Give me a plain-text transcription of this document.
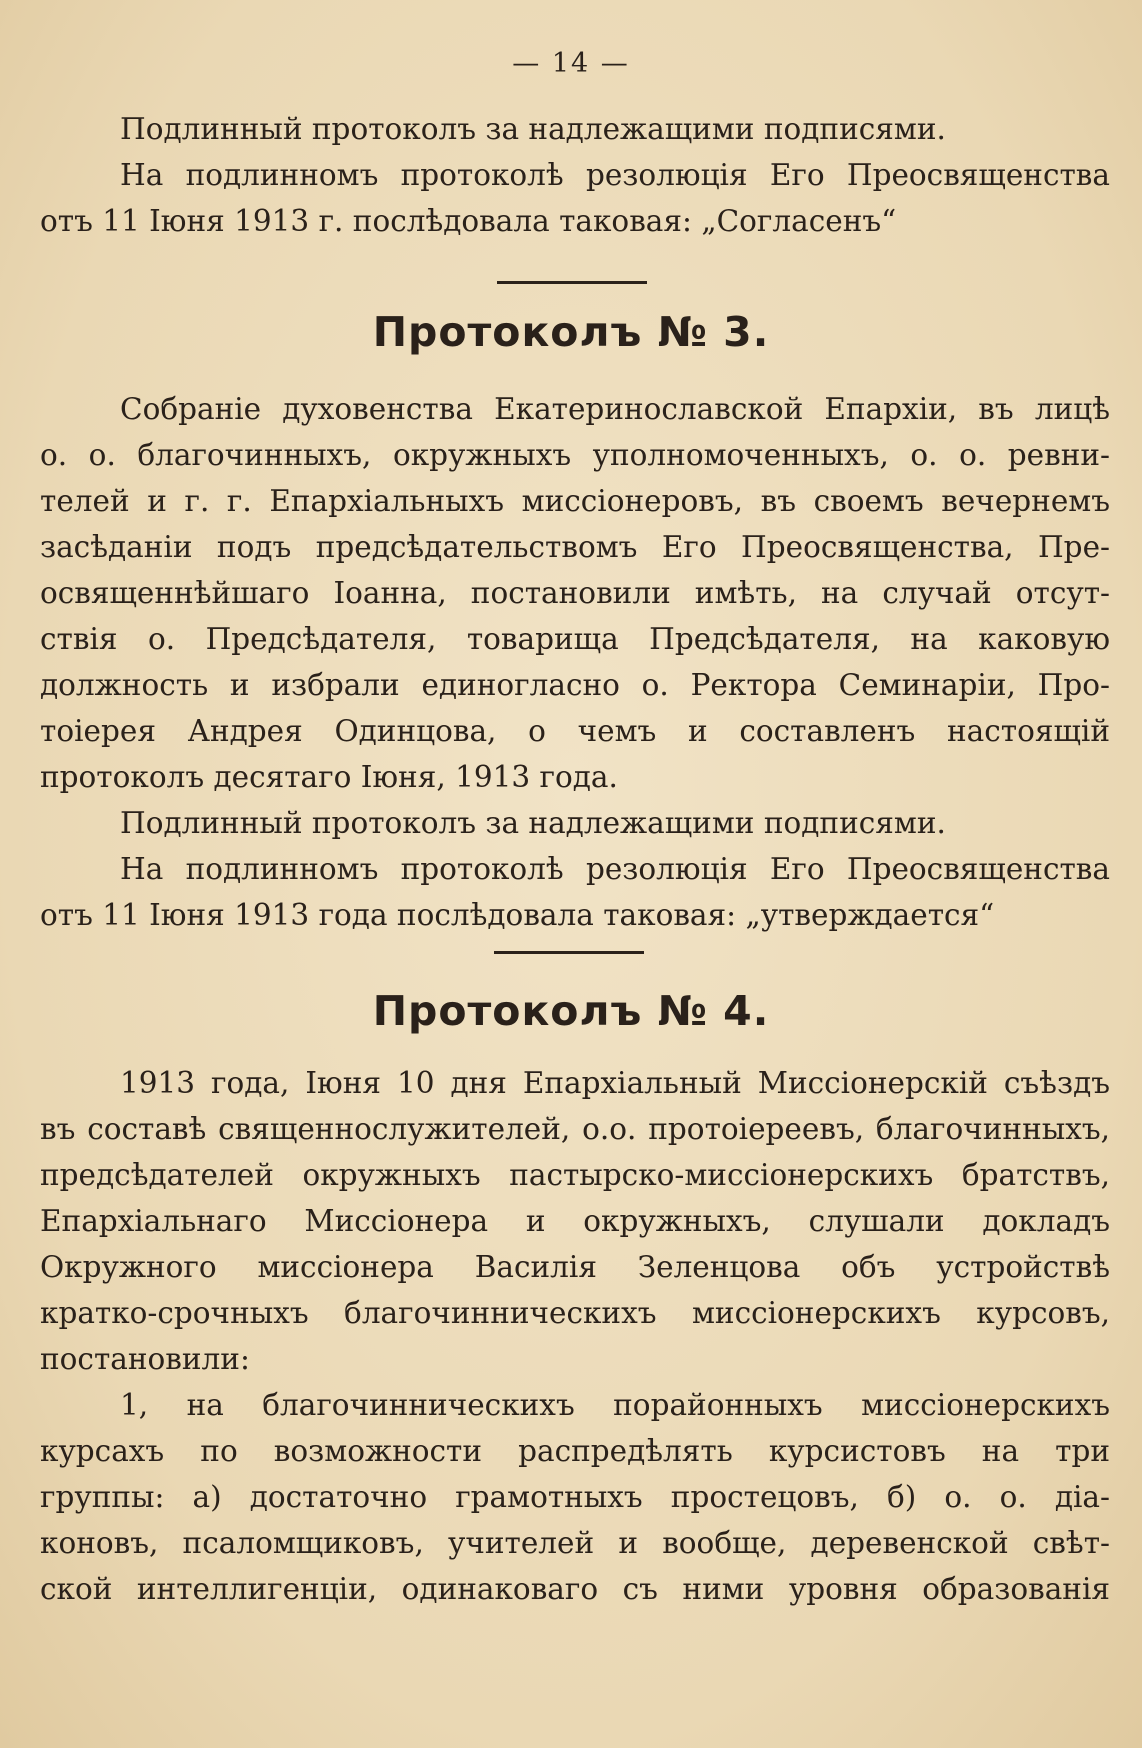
— 14 —
Подлинный протоколъ за надлежащими подписями.
На подлинномъ протоколѣ резолюція Его Преосвященства
отъ 11 Іюня 1913 г. послѣдовала таковая: „Согласенъ“
Протоколъ № 3.
Собраніе духовенства Екатеринославской Епархіи, въ лицѣ
о. о. благочинныхъ, окружныхъ уполномоченныхъ, о. о. ревни-
телей и г. г. Епархіальныхъ миссіонеровъ, въ своемъ вечернемъ
засѣданіи подъ предсѣдательствомъ Его Преосвященства, Пре-
освященнѣйшаго Іоанна, постановили имѣть, на случай отсут-
ствія о. Предсѣдателя, товарища Предсѣдателя, на каковую
должность и избрали единогласно о. Ректора Семинаріи, Про-
тоіерея Андрея Одинцова, о чемъ и составленъ настоящій
протоколъ десятаго Іюня, 1913 года.
Подлинный протоколъ за надлежащими подписями.
На подлинномъ протоколѣ резолюція Его Преосвященства
отъ 11 Іюня 1913 года послѣдовала таковая: „утверждается“
Протоколъ № 4.
1913 года, Іюня 10 дня Епархіальный Миссіонерскій съѣздъ
въ составѣ священнослужителей, о.о. протоіереевъ, благочинныхъ,
предсѣдателей окружныхъ пастырско-миссіонерскихъ братствъ,
Епархіальнаго Миссіонера и окружныхъ, слушали докладъ
Окружного миссіонера Василія Зеленцова объ устройствѣ
кратко-срочныхъ благочинническихъ миссіонерскихъ курсовъ,
постановили:
1, на благочинническихъ порайонныхъ миссіонерскихъ
курсахъ по возможности распредѣлять курсистовъ на три
группы: а) достаточно грамотныхъ простецовъ, б) о. о. діа-
коновъ, псаломщиковъ, учителей и вообще, деревенской свѣт-
ской интеллигенціи, одинаковаго съ ними уровня образованія
